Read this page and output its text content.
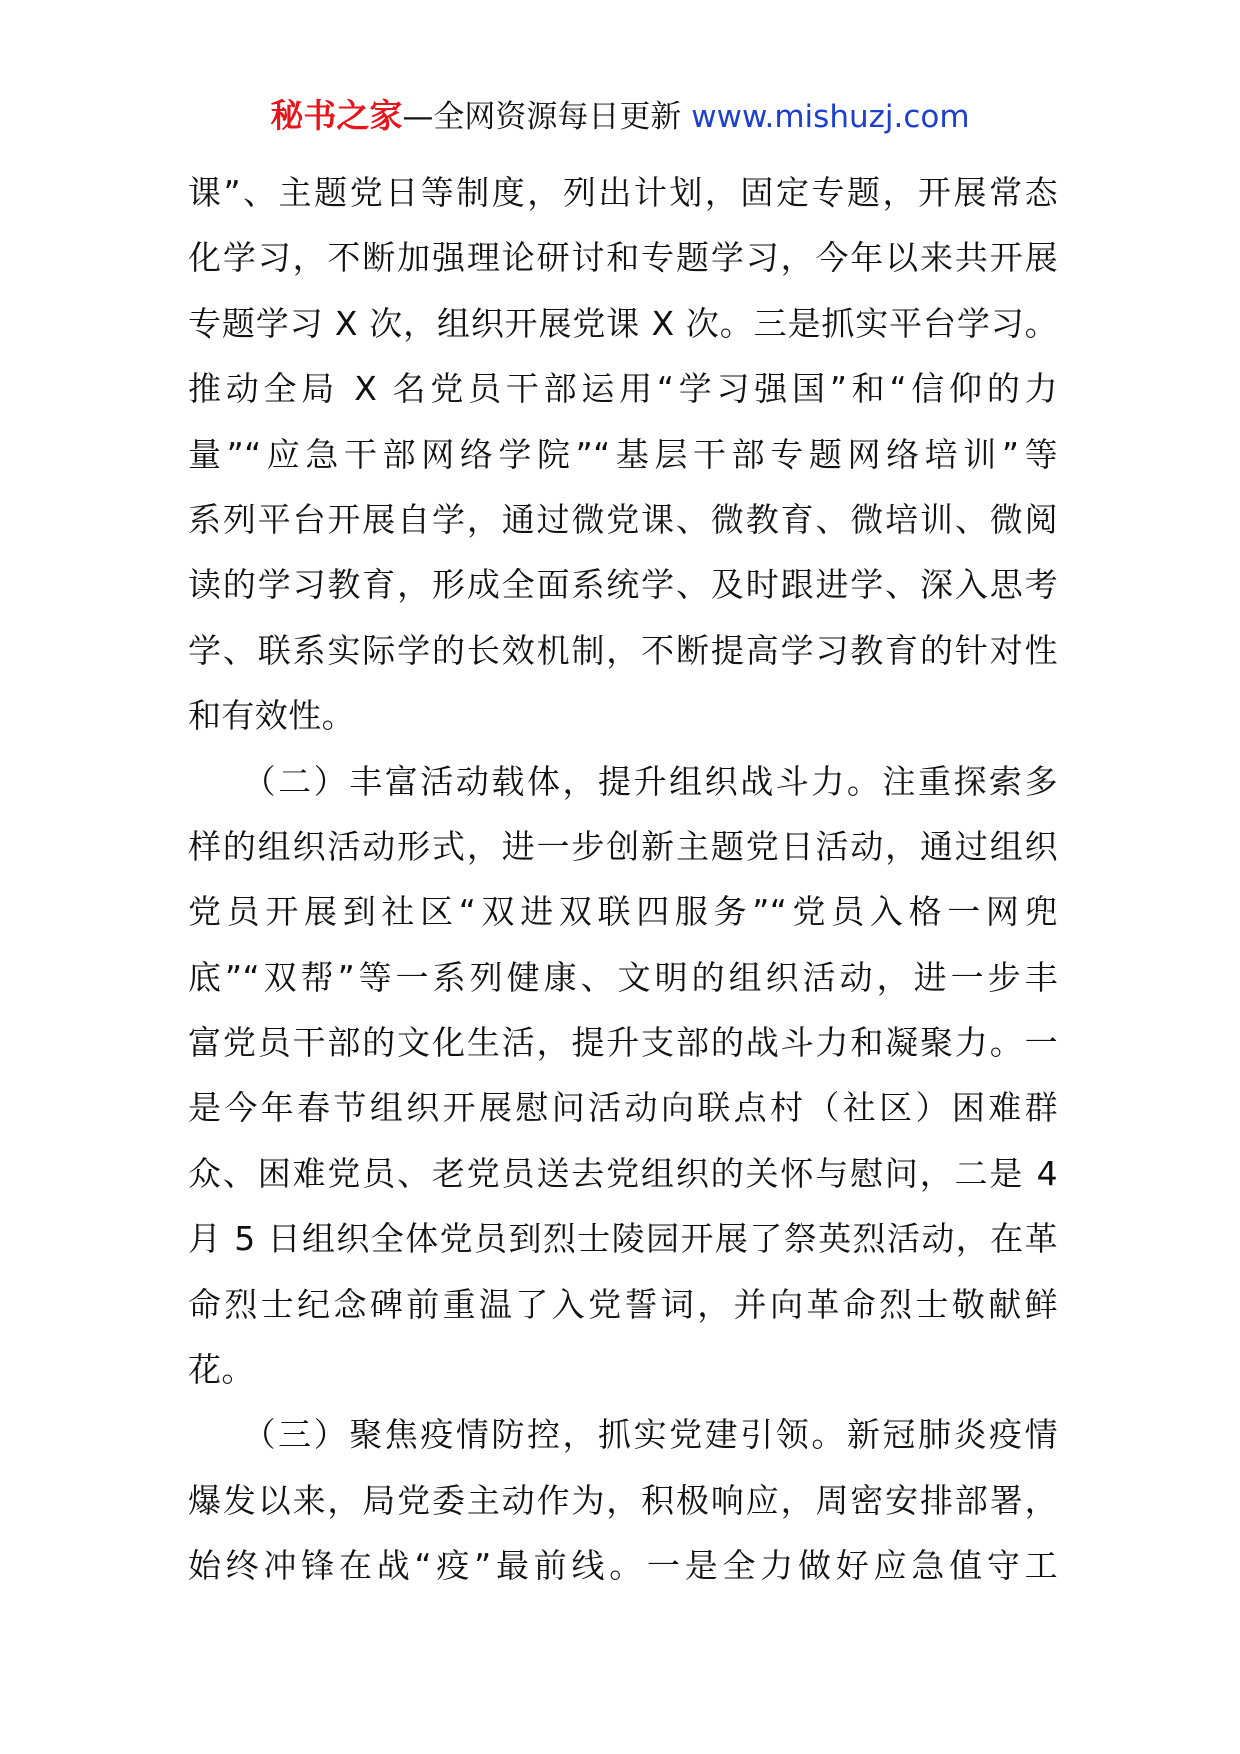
秘书之家—全网资源每日更新 www.mishuzj.com
课”、主题党日等制度，列出计划，固定专题，开展常态
化学习，不断加强理论研讨和专题学习，今年以来共开展
专题学习 X 次，组织开展党课 X 次。三是抓实平台学习。
推动全局 X 名党员干部运用“学习强国”和“信仰的力
量”“应急干部网络学院”“基层干部专题网络培训”等
系列平台开展自学，通过微党课、微教育、微培训、微阅
读的学习教育，形成全面系统学、及时跟进学、深入思考
学、联系实际学的长效机制，不断提高学习教育的针对性
和有效性。
　　（二）丰富活动载体，提升组织战斗力。注重探索多
样的组织活动形式，进一步创新主题党日活动，通过组织
党员开展到社区“双进双联四服务”“党员入格一网兜
底”“双帮”等一系列健康、文明的组织活动，进一步丰
富党员干部的文化生活，提升支部的战斗力和凝聚力。一
是今年春节组织开展慰问活动向联点村（社区）困难群
众、困难党员、老党员送去党组织的关怀与慰问，二是 4
月 5 日组织全体党员到烈士陵园开展了祭英烈活动，在革
命烈士纪念碑前重温了入党誓词，并向革命烈士敬献鲜
花。
　　（三）聚焦疫情防控，抓实党建引领。新冠肺炎疫情
爆发以来，局党委主动作为，积极响应，周密安排部署，
始终冲锋在战“疫”最前线。一是全力做好应急值守工
